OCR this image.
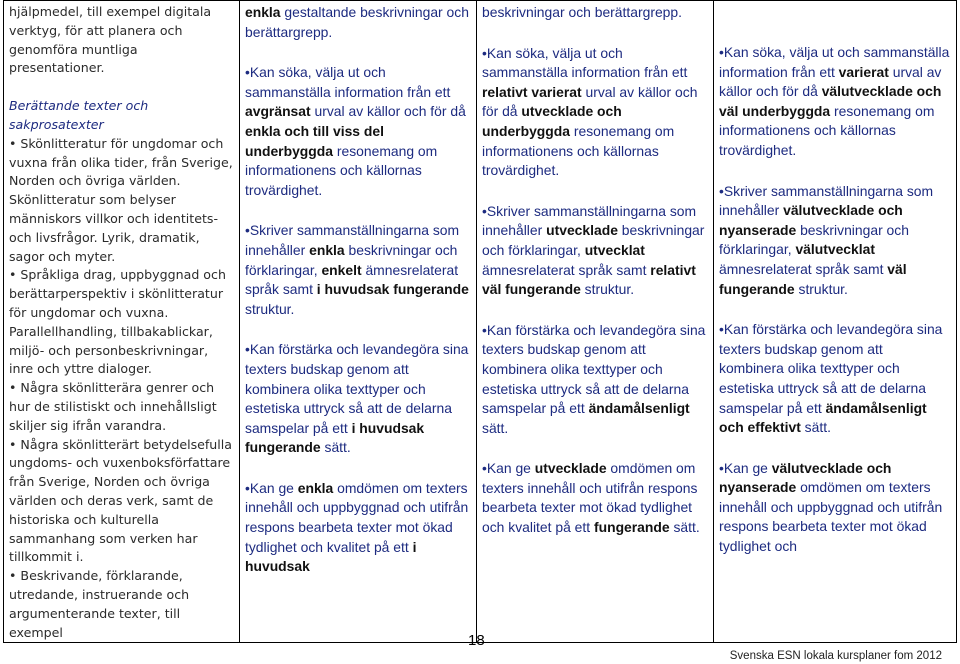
hjälpmedel, till exempel digitala verktyg, för att planera och genomföra muntliga presentationer.
Berättande texter och sakprosatexter
• Skönlitteratur för ungdomar och vuxna från olika tider, från Sverige, Norden och övriga världen.
Skönlitteratur som belyser människors villkor och identitets- och livsfrågor. Lyrik, dramatik, sagor och myter.
• Språkliga drag, uppbyggnad och berättarperspektiv i skönlitteratur för ungdomar och vuxna.
Parallellhandling, tillbakablickar, miljö- och personbeskrivningar, inre och yttre dialoger.
• Några skönlitterära genrer och hur de stilistiskt och innehållsligt skiljer sig ifrån varandra.
• Några skönlitterärt betydelsefulla ungdoms- och vuxenboksförfattare från Sverige, Norden och övriga världen och deras verk, samt de historiska och kulturella sammanhang som verken har tillkommit i.
• Beskrivande, förklarande, utredande, instruerande och argumenterande texter, till exempel

enkla gestaltande beskrivningar och berättargrepp.
•Kan söka, välja ut och sammanställa information från ett avgränsat urval av källor och för då enkla och till viss del underbyggda resonemang om informationens och källornas trovärdighet.
•Skriver sammanställningarna som innehåller enkla beskrivningar och förklaringar, enkelt ämnesrelaterat språk samt i huvudsak fungerande struktur.
•Kan förstärka och levandegöra sina texters budskap genom att kombinera olika texttyper och estetiska uttryck så att de delarna samspelar på ett i huvudsak fungerande sätt.
•Kan ge enkla omdömen om texters innehåll och uppbyggnad och utifrån respons bearbeta texter mot ökad tydlighet och kvalitet på ett i huvudsak

beskrivningar och berättargrepp.
•Kan söka, välja ut och sammanställa information från ett relativt varierat urval av källor och för då utvecklade och underbyggda resonemang om informationens och källornas trovärdighet.
•Skriver sammanställningarna som innehåller utvecklade beskrivningar och förklaringar, utvecklat ämnesrelaterat språk samt relativt väl fungerande struktur.
•Kan förstärka och levandegöra sina texters budskap genom att kombinera olika texttyper och estetiska uttryck så att de delarna samspelar på ett ändamålsenligt sätt.
•Kan ge utvecklade omdömen om texters innehåll och utifrån respons bearbeta texter mot ökad tydlighet och kvalitet på ett fungerande sätt.

•Kan söka, välja ut och sammanställa information från ett varierat urval av källor och för då välutvecklade och väl underbyggda resonemang om informationens och källornas trovärdighet.
•Skriver sammanställningarna som innehåller välutvecklade och nyanserade beskrivningar och förklaringar, välutvecklat ämnesrelaterat språk samt väl fungerande struktur.
•Kan förstärka och levandegöra sina texters budskap genom att kombinera olika texttyper och estetiska uttryck så att de delarna samspelar på ett ändamålsenligt och effektivt sätt.
•Kan ge välutvecklade och nyanserade omdömen om texters innehåll och uppbyggnad och utifrån respons bearbeta texter mot ökad tydlighet och
18
Svenska ESN lokala kursplaner fom 2012
